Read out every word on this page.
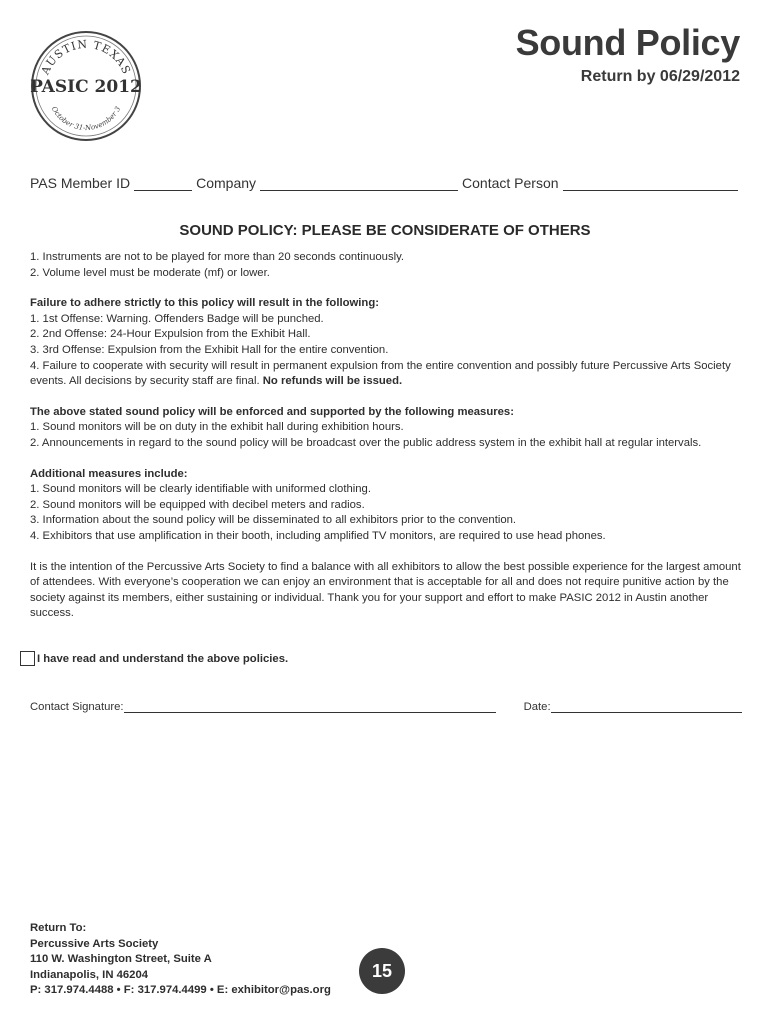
AUSTIN TEXAS
PASIC 2012
October 31-November 3
Sound Policy
Return by 06/29/2012
PAS Member ID	Company	Contact Person
SOUND POLICY: PLEASE BE CONSIDERATE OF OTHERS

1. Instruments are not to be played for more than 20 seconds continuously.

2. Volume level must be moderate (mf) or lower.

Failure to adhere strictly to this policy will result in the following:

1. 1st Offense: Warning. Offenders Badge will be punched.

2. 2nd Offense: 24-Hour Expulsion from the Exhibit Hall.

3. 3rd Offense: Expulsion from the Exhibit Hall for the entire convention.

4. Failure to cooperate with security will result in permanent expulsion from the entire convention and possibly future Percussive Arts Society events. All decisions by security staff are final. No refunds will be issued.

The above stated sound policy will be enforced and supported by the following measures:

1. Sound monitors will be on duty in the exhibit hall during exhibition hours.

2. Announcements in regard to the sound policy will be broadcast over the public address system in the exhibit hall at regular intervals.

Additional measures include:

1. Sound monitors will be clearly identifiable with uniformed clothing.

2. Sound monitors will be equipped with decibel meters and radios.

3. Information about the sound policy will be disseminated to all exhibitors prior to the convention.

4. Exhibitors that use amplification in their booth, including amplified TV monitors, are required to use head phones.

It is the intention of the Percussive Arts Society to find a balance with all exhibitors to allow the best possible experience for the largest amount of attendees. With everyone’s cooperation we can enjoy an environment that is acceptable for all and does not require punitive action by the society against its members, either sustaining or individual. Thank you for your support and effort to make PASIC 2012 in Austin another success.

I have read and understand the above policies.
Contact Signature:	Date:
Return To:
Percussive Arts Society
110 W. Washington Street, Suite A
Indianapolis, IN 46204
P: 317.974.4488 • F: 317.974.4499 • E: exhibitor@pas.org
15
